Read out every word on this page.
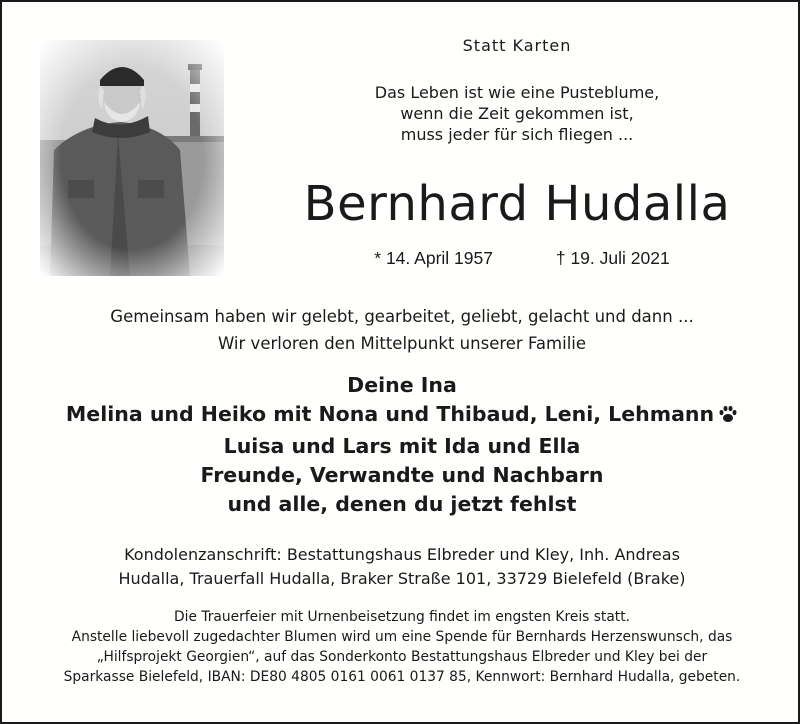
Statt Karten
Das Leben ist wie eine Pusteblume,
wenn die Zeit gekommen ist,
muss jeder für sich fliegen ...
Bernhard Hudalla
* 14. April 1957	† 19. Juli 2021
Gemeinsam haben wir gelebt, gearbeitet, geliebt, gelacht und dann ...
Wir verloren den Mittelpunkt unserer Familie
Deine Ina
Melina und Heiko mit Nona und Thibaud, Leni, Lehmann
Luisa und Lars mit Ida und Ella
Freunde, Verwandte und Nachbarn
und alle, denen du jetzt fehlst
Kondolenzanschrift: Bestattungshaus Elbreder und Kley, Inh. Andreas
Hudalla, Trauerfall Hudalla, Braker Straße 101, 33729 Bielefeld (Brake)
Die Trauerfeier mit Urnenbeisetzung findet im engsten Kreis statt.
Anstelle liebevoll zugedachter Blumen wird um eine Spende für Bernhards Herzenswunsch, das
„Hilfsprojekt Georgien“, auf das Sonderkonto Bestattungshaus Elbreder und Kley bei der
Sparkasse Bielefeld, IBAN: DE80 4805 0161 0061 0137 85, Kennwort: Bernhard Hudalla, gebeten.
